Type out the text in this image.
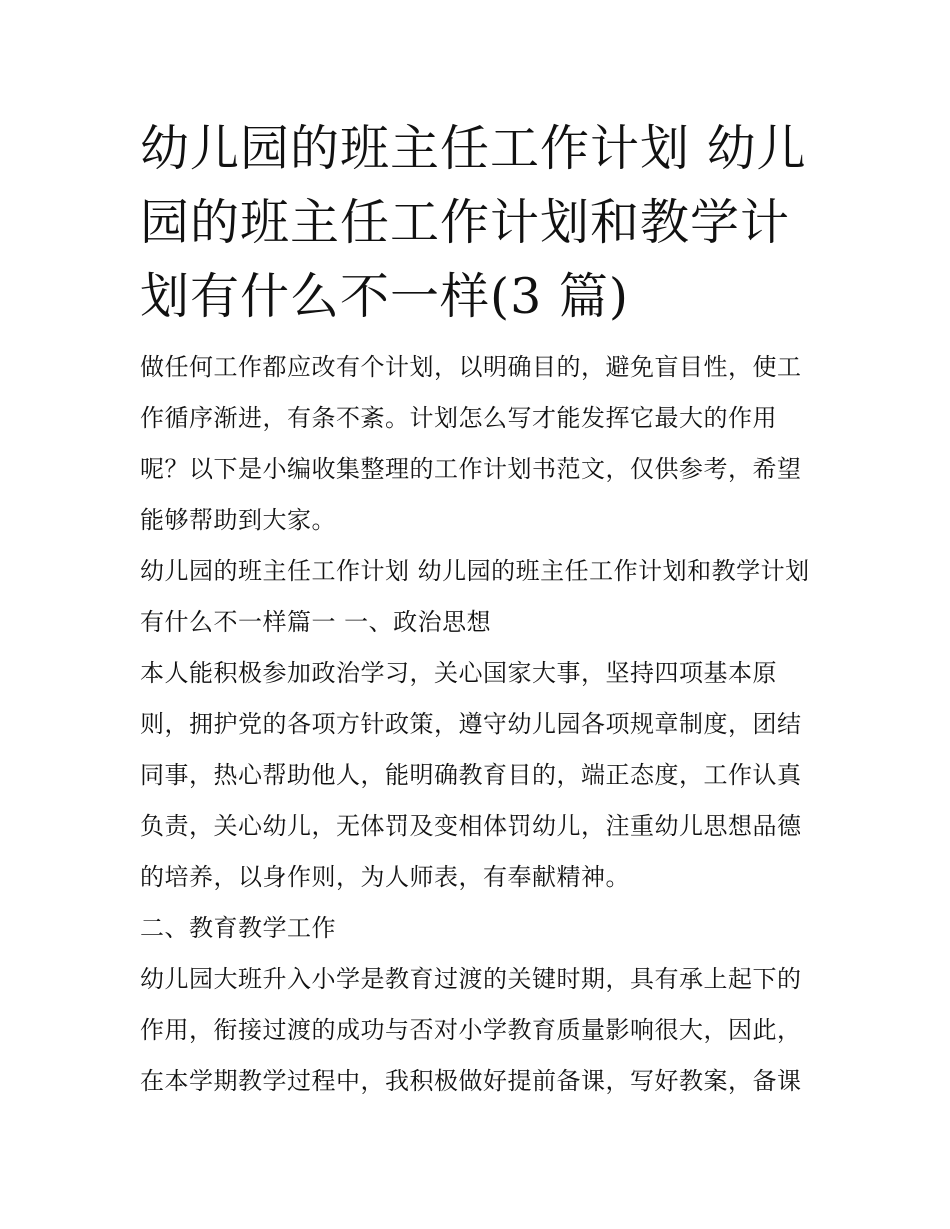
幼儿园的班主任工作计划 幼儿
园的班主任工作计划和教学计
划有什么不一样(3 篇)

做任何工作都应改有个计划，以明确目的，避免盲目性，使工作循序渐进，有条不紊。计划怎么写才能发挥它最大的作用呢？以下是小编收集整理的工作计划书范文，仅供参考，希望能够帮助到大家。

幼儿园的班主任工作计划 幼儿园的班主任工作计划和教学计划有什么不一样篇一 一、政治思想

本人能积极参加政治学习，关心国家大事，坚持四项基本原则，拥护党的各项方针政策，遵守幼儿园各项规章制度，团结同事，热心帮助他人，能明确教育目的，端正态度，工作认真负责，关心幼儿，无体罚及变相体罚幼儿，注重幼儿思想品德的培养，以身作则，为人师表，有奉献精神。

二、教育教学工作

幼儿园大班升入小学是教育过渡的关键时期，具有承上起下的作用，衔接过渡的成功与否对小学教育质量影响很大，因此，在本学期教学过程中，我积极做好提前备课，写好教案，备课
